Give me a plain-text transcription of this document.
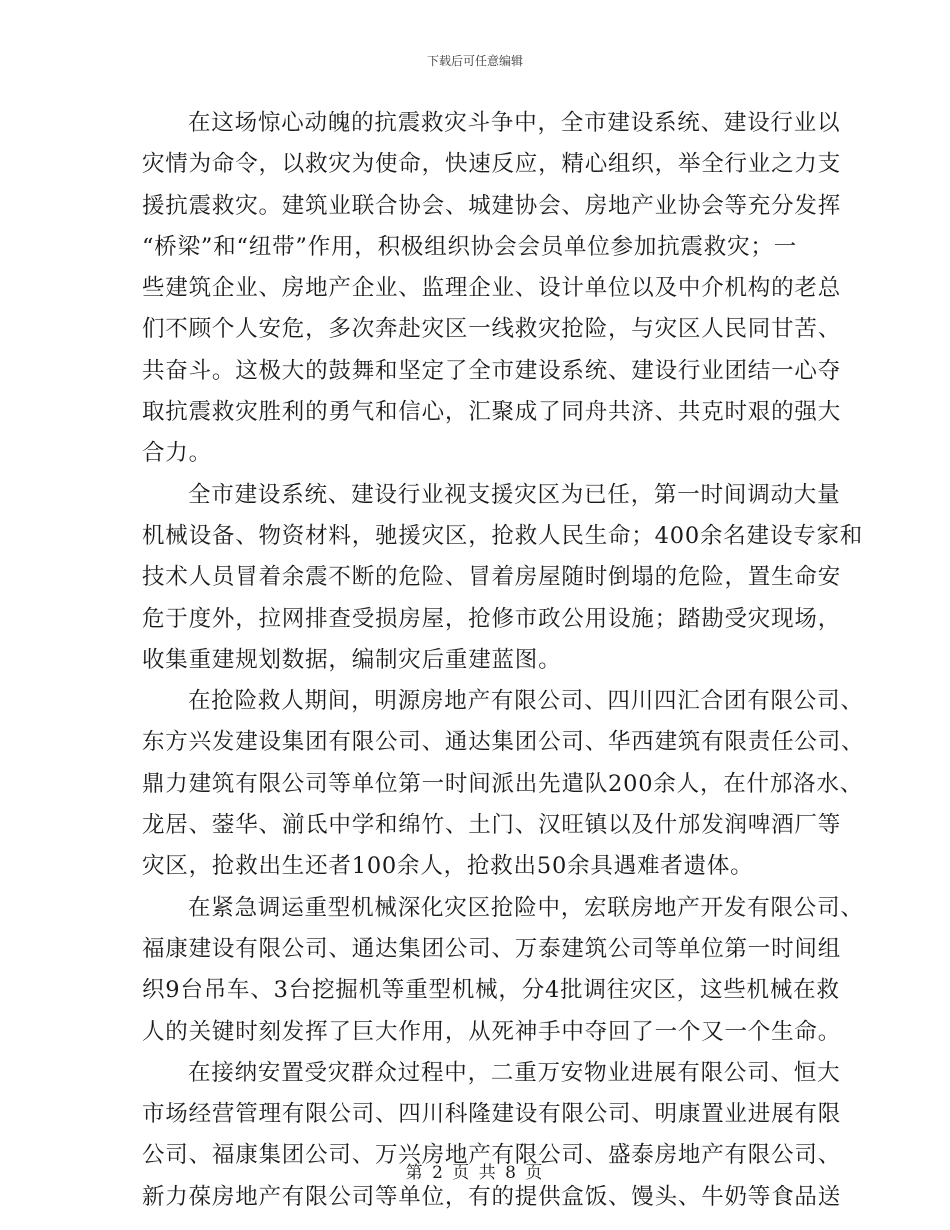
下载后可任意编辑
在这场惊心动魄的抗震救灾斗争中，全市建设系统、建设行业以
灾情为命令，以救灾为使命，快速反应，精心组织，举全行业之力支
援抗震救灾。建筑业联合协会、城建协会、房地产业协会等充分发挥
“桥梁”和“纽带”作用，积极组织协会会员单位参加抗震救灾；一
些建筑企业、房地产企业、监理企业、设计单位以及中介机构的老总
们不顾个人安危，多次奔赴灾区一线救灾抢险，与灾区人民同甘苦、
共奋斗。这极大的鼓舞和坚定了全市建设系统、建设行业团结一心夺
取抗震救灾胜利的勇气和信心，汇聚成了同舟共济、共克时艰的强大
合力。
全市建设系统、建设行业视支援灾区为已任，第一时间调动大量
机械设备、物资材料，驰援灾区，抢救人民生命；400余名建设专家和
技术人员冒着余震不断的危险、冒着房屋随时倒塌的危险，置生命安
危于度外，拉网排查受损房屋，抢修市政公用设施；踏勘受灾现场，
收集重建规划数据，编制灾后重建蓝图。
在抢险救人期间，明源房地产有限公司、四川四汇合团有限公司、
东方兴发建设集团有限公司、通达集团公司、华西建筑有限责任公司、
鼎力建筑有限公司等单位第一时间派出先遣队200余人，在什邡洛水、
龙居、蓥华、湔氐中学和绵竹、土门、汉旺镇以及什邡发润啤酒厂等
灾区，抢救出生还者100余人，抢救出50余具遇难者遗体。
在紧急调运重型机械深化灾区抢险中，宏联房地产开发有限公司、
福康建设有限公司、通达集团公司、万泰建筑公司等单位第一时间组
织9台吊车、3台挖掘机等重型机械，分4批调往灾区，这些机械在救
人的关键时刻发挥了巨大作用，从死神手中夺回了一个又一个生命。
在接纳安置受灾群众过程中，二重万安物业进展有限公司、恒大
市场经营管理有限公司、四川科隆建设有限公司、明康置业进展有限
公司、福康集团公司、万兴房地产有限公司、盛泰房地产有限公司、
新力葆房地产有限公司等单位，有的提供盒饭、馒头、牛奶等食品送
第 2 页 共 8 页
